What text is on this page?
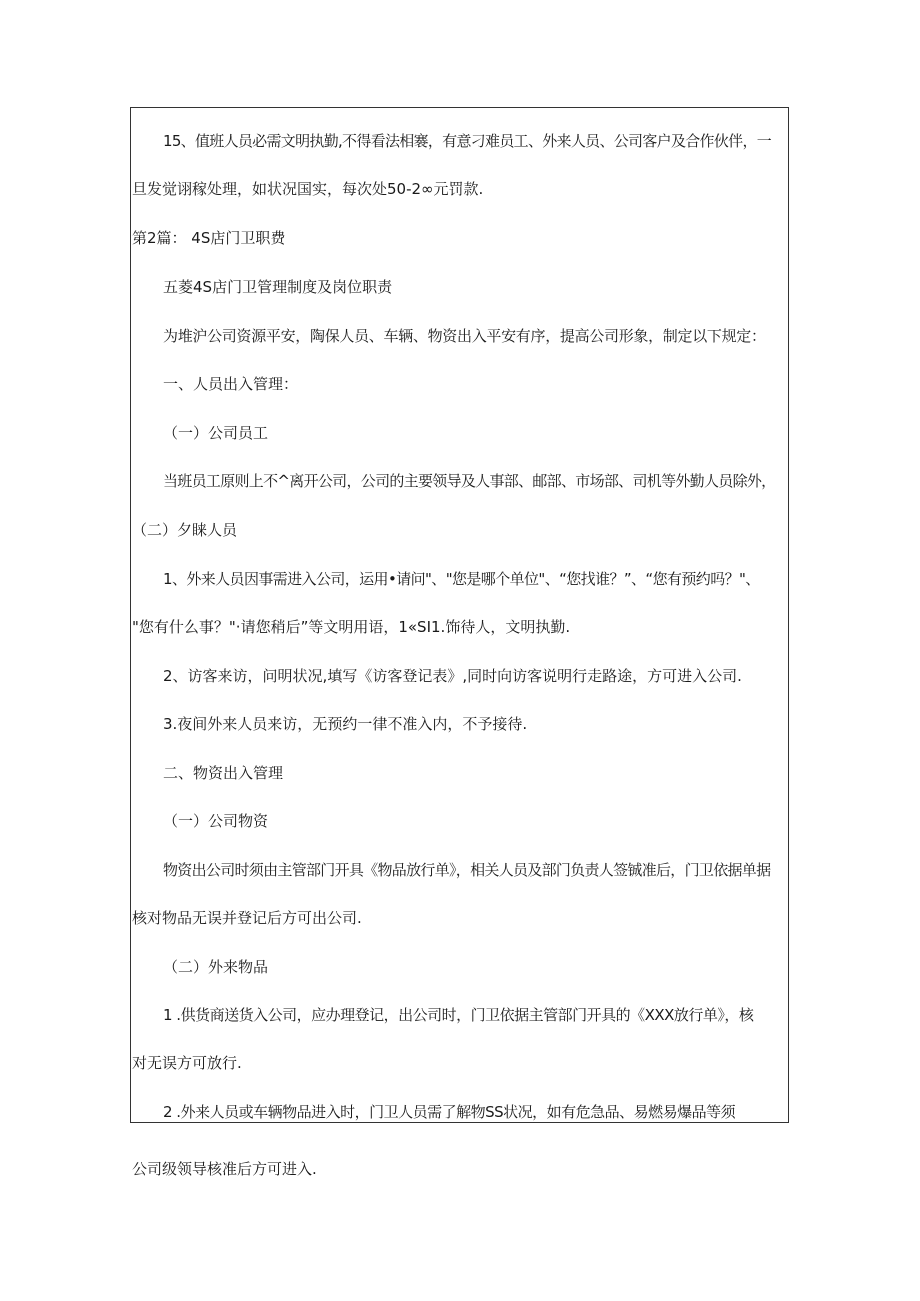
15、值班人员必需文明执勤,不得看法相褰，有意刁难员工、外来人员、公司客户及合作伙伴，一
旦发觉诩稼处理，如状况国实，每次处50-2∞元罚款.
第2篇： 4S店门卫职费
五菱4S店门卫管理制度及岗位职责
为堆沪公司资源平安，陶保人员、车辆、物资出入平安有序，提高公司形象，制定以下规定：
一、人员出入管理：
（一）公司员工
当班员工原则上不^离开公司，公司的主要领导及人事部、邮部、市场部、司机等外勤人员除外，
（二）夕睐人员
1、外来人员因事需进入公司，运用•请问"、"您是哪个单位"、“您找谁？”、“您有预约吗？"、
"您有什么事？"·请您稍后”等文明用语，1«SI1.饰待人，文明执勤.
2、访客来访，问明状况,填写《访客登记表》,同时向访客说明行走路途，方可进入公司.
3.夜间外来人员来访，无预约一律不准入内，不予接待.
二、物资出入管理
（一）公司物资
物资出公司时须由主管部门开具《物品放行单》，相关人员及部门负责人签铖准后，门卫依据单据
核对物品无误并登记后方可出公司.
（二）外来物品
1 .供货商送货入公司，应办理登记，出公司时，门卫依据主管部门开具的《XXX放行单》，核
对无误方可放行.
2 .外来人员或车辆物品进入时，门卫人员需了解物SS状况，如有危急品、易燃易爆品等须
公司级领导核准后方可进入.
